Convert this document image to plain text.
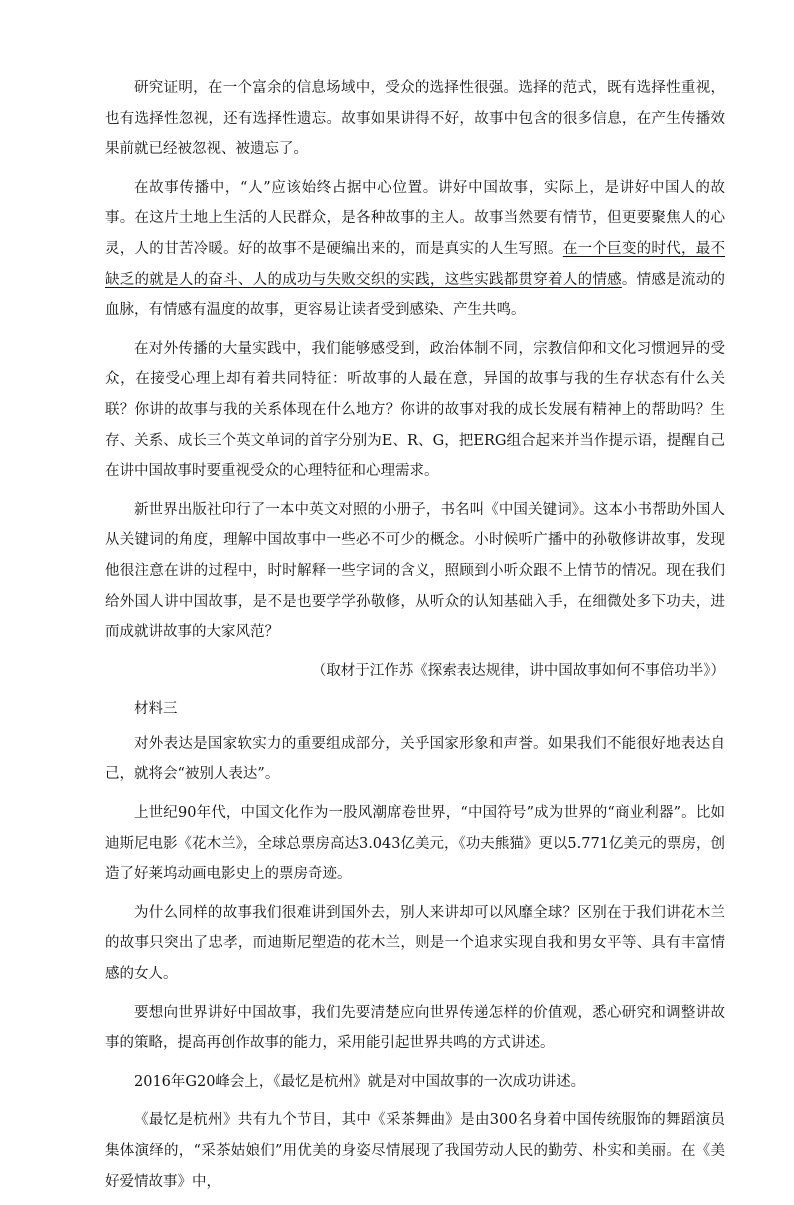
研究证明，在一个富余的信息场域中，受众的选择性很强。选择的范式，既有选择性重视，也有选择性忽视，还有选择性遗忘。故事如果讲得不好，故事中包含的很多信息，在产生传播效果前就已经被忽视、被遗忘了。

在故事传播中，“人”应该始终占据中心位置。讲好中国故事，实际上，是讲好中国人的故事。在这片土地上生活的人民群众，是各种故事的主人。故事当然要有情节，但更要聚焦人的心灵，人的甘苦冷暖。好的故事不是硬编出来的，而是真实的人生写照。在一个巨变的时代，最不缺乏的就是人的奋斗、人的成功与失败交织的实践，这些实践都贯穿着人的情感。情感是流动的血脉，有情感有温度的故事，更容易让读者受到感染、产生共鸣。

在对外传播的大量实践中，我们能够感受到，政治体制不同，宗教信仰和文化习惯迥异的受众，在接受心理上却有着共同特征：听故事的人最在意，异国的故事与我的生存状态有什么关联？你讲的故事与我的关系体现在什么地方？你讲的故事对我的成长发展有精神上的帮助吗？生存、关系、成长三个英文单词的首字分别为E、R、G，把ERG组合起来并当作提示语，提醒自己在讲中国故事时要重视受众的心理特征和心理需求。

新世界出版社印行了一本中英文对照的小册子，书名叫《中国关键词》。这本小书帮助外国人从关键词的角度，理解中国故事中一些必不可少的概念。小时候听广播中的孙敬修讲故事，发现他很注意在讲的过程中，时时解释一些字词的含义，照顾到小听众跟不上情节的情况。现在我们给外国人讲中国故事，是不是也要学学孙敬修，从听众的认知基础入手，在细微处多下功夫，进而成就讲故事的大家风范？

（取材于江作苏《探索表达规律，讲中国故事如何不事倍功半》）

材料三

对外表达是国家软实力的重要组成部分，关乎国家形象和声誉。如果我们不能很好地表达自己，就将会“被别人表达”。

上世纪90年代，中国文化作为一股风潮席卷世界，“中国符号”成为世界的“商业利器”。比如迪斯尼电影《花木兰》，全球总票房高达3.043亿美元，《功夫熊猫》更以5.771亿美元的票房，创造了好莱坞动画电影史上的票房奇迹。

为什么同样的故事我们很难讲到国外去，别人来讲却可以风靡全球？区别在于我们讲花木兰的故事只突出了忠孝，而迪斯尼塑造的花木兰，则是一个追求实现自我和男女平等、具有丰富情感的女人。

要想向世界讲好中国故事，我们先要清楚应向世界传递怎样的价值观，悉心研究和调整讲故事的策略，提高再创作故事的能力，采用能引起世界共鸣的方式讲述。

2016年G20峰会上，《最忆是杭州》就是对中国故事的一次成功讲述。

《最忆是杭州》共有九个节目，其中《采茶舞曲》是由300名身着中国传统服饰的舞蹈演员集体演绎的，“采茶姑娘们”用优美的身姿尽情展现了我国劳动人民的勤劳、朴实和美丽。在《美好爱情故事》中，
